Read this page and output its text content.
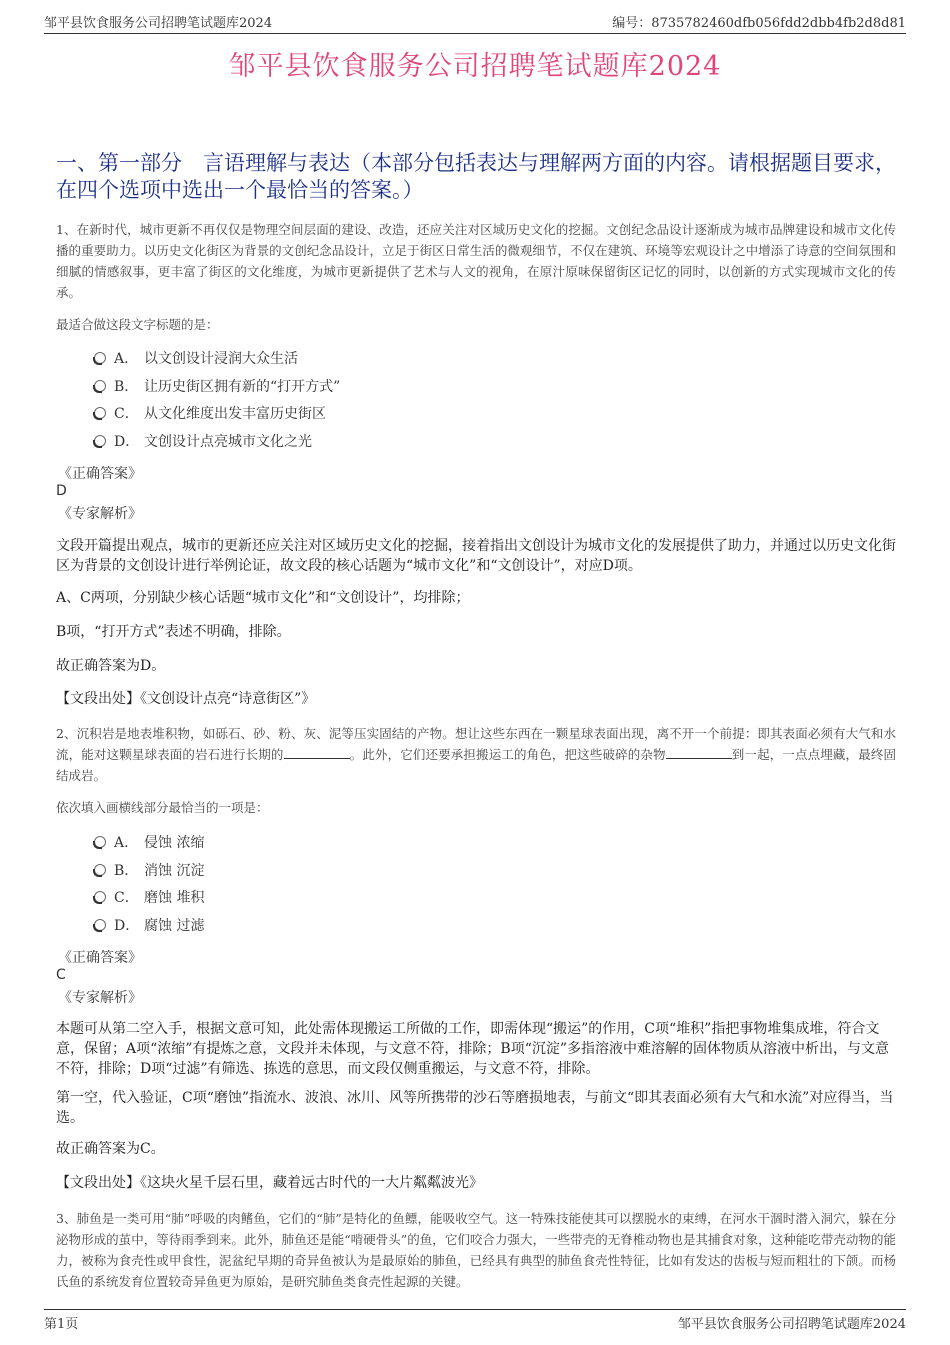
邹平县饮食服务公司招聘笔试题库2024	编号：8735782460dfb056fdd2dbb4fb2d8d81
邹平县饮食服务公司招聘笔试题库2024
一、第一部分　言语理解与表达（本部分包括表达与理解两方面的内容。请根据题目要求，在四个选项中选出一个最恰当的答案。）
1、在新时代，城市更新不再仅仅是物理空间层面的建设、改造，还应关注对区域历史文化的挖掘。文创纪念品设计逐渐成为城市品牌建设和城市文化传播的重要助力。以历史文化街区为背景的文创纪念品设计，立足于街区日常生活的微观细节，不仅在建筑、环境等宏观设计之中增添了诗意的空间氛围和细腻的情感叙事，更丰富了街区的文化维度，为城市更新提供了艺术与人文的视角，在原汁原味保留街区记忆的同时，以创新的方式实现城市文化的传承。
最适合做这段文字标题的是：
A． 以文创设计浸润大众生活
B． 让历史街区拥有新的“打开方式”
C． 从文化维度出发丰富历史街区
D． 文创设计点亮城市文化之光
《正确答案》
D
《专家解析》
文段开篇提出观点，城市的更新还应关注对区域历史文化的挖掘，接着指出文创设计为城市文化的发展提供了助力，并通过以历史文化街区为背景的文创设计进行举例论证，故文段的核心话题为“城市文化”和“文创设计”，对应D项。
A、C两项，分别缺少核心话题“城市文化”和“文创设计”，均排除；
B项，“打开方式”表述不明确，排除。
故正确答案为D。
【文段出处】《文创设计点亮“诗意街区”》
2、沉积岩是地表堆积物，如砾石、砂、粉、灰、泥等压实固结的产物。想让这些东西在一颗星球表面出现，离不开一个前提：即其表面必须有大气和水流，能对这颗星球表面的岩石进行长期的	。此外，它们还要承担搬运工的角色，把这些破碎的杂物	到一起，一点点埋藏，最终固结成岩。
依次填入画横线部分最恰当的一项是：
A． 侵蚀 浓缩
B． 消蚀 沉淀
C． 磨蚀 堆积
D． 腐蚀 过滤
《正确答案》
C
《专家解析》
本题可从第二空入手，根据文意可知，此处需体现搬运工所做的工作，即需体现“搬运”的作用，C项“堆积”指把事物堆集成堆，符合文意，保留；A项“浓缩”有提炼之意，文段并未体现，与文意不符，排除；B项“沉淀”多指溶液中难溶解的固体物质从溶液中析出，与文意不符，排除；D项“过滤”有筛选、拣选的意思，而文段仅侧重搬运，与文意不符，排除。
第一空，代入验证，C项“磨蚀”指流水、波浪、冰川、风等所携带的沙石等磨损地表，与前文“即其表面必须有大气和水流”对应得当，当选。
故正确答案为C。
【文段出处】《这块火星千层石里，藏着远古时代的一大片粼粼波光》
3、肺鱼是一类可用“肺”呼吸的肉鳍鱼，它们的“肺”是特化的鱼鳔，能吸收空气。这一特殊技能使其可以摆脱水的束缚，在河水干涸时潜入洞穴，躲在分泌物形成的茧中，等待雨季到来。此外，肺鱼还是能“啃硬骨头”的鱼，它们咬合力强大，一些带壳的无脊椎动物也是其捕食对象，这种能吃带壳动物的能力，被称为食壳性或甲食性，泥盆纪早期的奇异鱼被认为是最原始的肺鱼，已经具有典型的肺鱼食壳性特征，比如有发达的齿板与短而粗壮的下颌。而杨氏鱼的系统发育位置较奇异鱼更为原始，是研究肺鱼类食壳性起源的关键。
第1页	邹平县饮食服务公司招聘笔试题库2024
